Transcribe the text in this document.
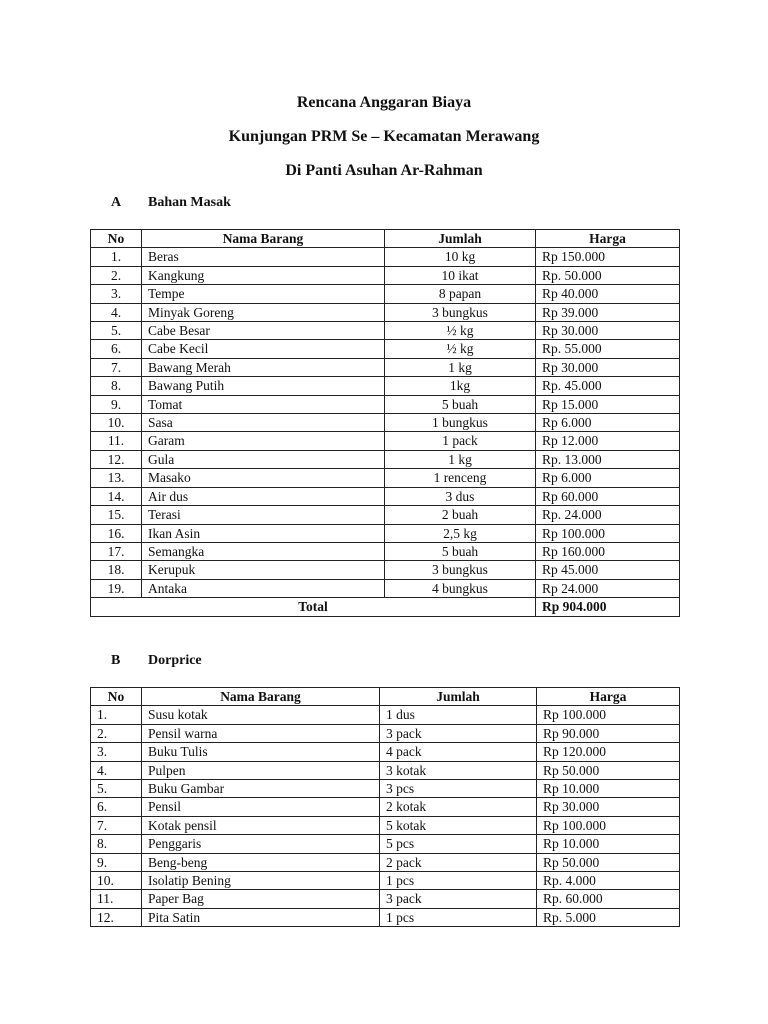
Rencana Anggaran Biaya
Kunjungan PRM Se – Kecamatan Merawang
Di Panti Asuhan Ar-Rahman
A Bahan Masak
No	Nama Barang	Jumlah	Harga
1.	Beras	10 kg	Rp 150.000
2.	Kangkung	10 ikat	Rp. 50.000
3.	Tempe	8 papan	Rp 40.000
4.	Minyak Goreng	3 bungkus	Rp 39.000
5.	Cabe Besar	½ kg	Rp 30.000
6.	Cabe Kecil	½ kg	Rp. 55.000
7.	Bawang Merah	1 kg	Rp 30.000
8.	Bawang Putih	1kg	Rp. 45.000
9.	Tomat	5 buah	Rp 15.000
10.	Sasa	1 bungkus	Rp 6.000
11.	Garam	1 pack	Rp 12.000
12.	Gula	1 kg	Rp. 13.000
13.	Masako	1 renceng	Rp 6.000
14.	Air dus	3 dus	Rp 60.000
15.	Terasi	2 buah	Rp. 24.000
16.	Ikan Asin	2,5 kg	Rp 100.000
17.	Semangka	5 buah	Rp 160.000
18.	Kerupuk	3 bungkus	Rp 45.000
19.	Antaka	4 bungkus	Rp 24.000
Total			Rp 904.000
B Dorprice
No	Nama Barang	Jumlah	Harga
1.	Susu kotak	1 dus	Rp 100.000
2.	Pensil warna	3 pack	Rp 90.000
3.	Buku Tulis	4 pack	Rp 120.000
4.	Pulpen	3 kotak	Rp 50.000
5.	Buku Gambar	3 pcs	Rp 10.000
6.	Pensil	2 kotak	Rp 30.000
7.	Kotak pensil	5 kotak	Rp 100.000
8.	Penggaris	5 pcs	Rp 10.000
9.	Beng-beng	2 pack	Rp 50.000
10.	Isolatip Bening	1 pcs	Rp. 4.000
11.	Paper Bag	3 pack	Rp. 60.000
12.	Pita Satin	1 pcs	Rp. 5.000
